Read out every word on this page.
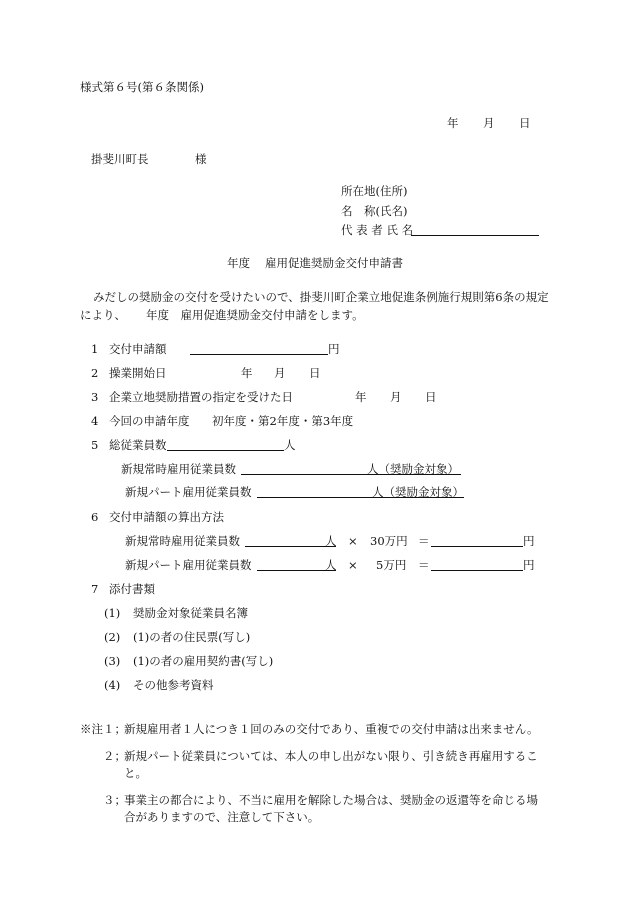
様式第６号(第６条関係)
年 月 日
掛斐川町長	様
所在地(住所)
名　称(氏名)
代 表 者 氏 名
年度 雇用促進奨励金交付申請書
みだしの奨励金の交付を受けたいので、掛斐川町企業立地促進条例施行規則第6条の規定
により、 年度　雇用促進奨励金交付申請をします。
1 交付申請額	円
2 操業開始日	年 月 日
3 企業立地奨励措置の指定を受けた日	年 月 日
4 今回の申請年度 初年度・第2年度・第3年度
5 総従業員数	人
新規常時雇用従業員数	人（奨励金対象）
新規パート雇用従業員数	人（奨励金対象）
6 交付申請額の算出方法
新規常時雇用従業員数	人 × 30万円 ＝	円
新規パート雇用従業員数	人 × 5万円 ＝	円
7 添付書類
(1) 奨励金対象従業員名簿
(2) (1)の者の住民票(写し)
(3) (1)の者の雇用契約書(写し)
(4) その他参考資料
※注１；
新規雇用者１人につき１回のみの交付であり、重複での交付申請は出来ません。
２；
新規パート従業員については、本人の申し出がない限り、引き続き再雇用するこ
と。
３；
事業主の都合により、不当に雇用を解除した場合は、奨励金の返還等を命じる場
合がありますので、注意して下さい。
